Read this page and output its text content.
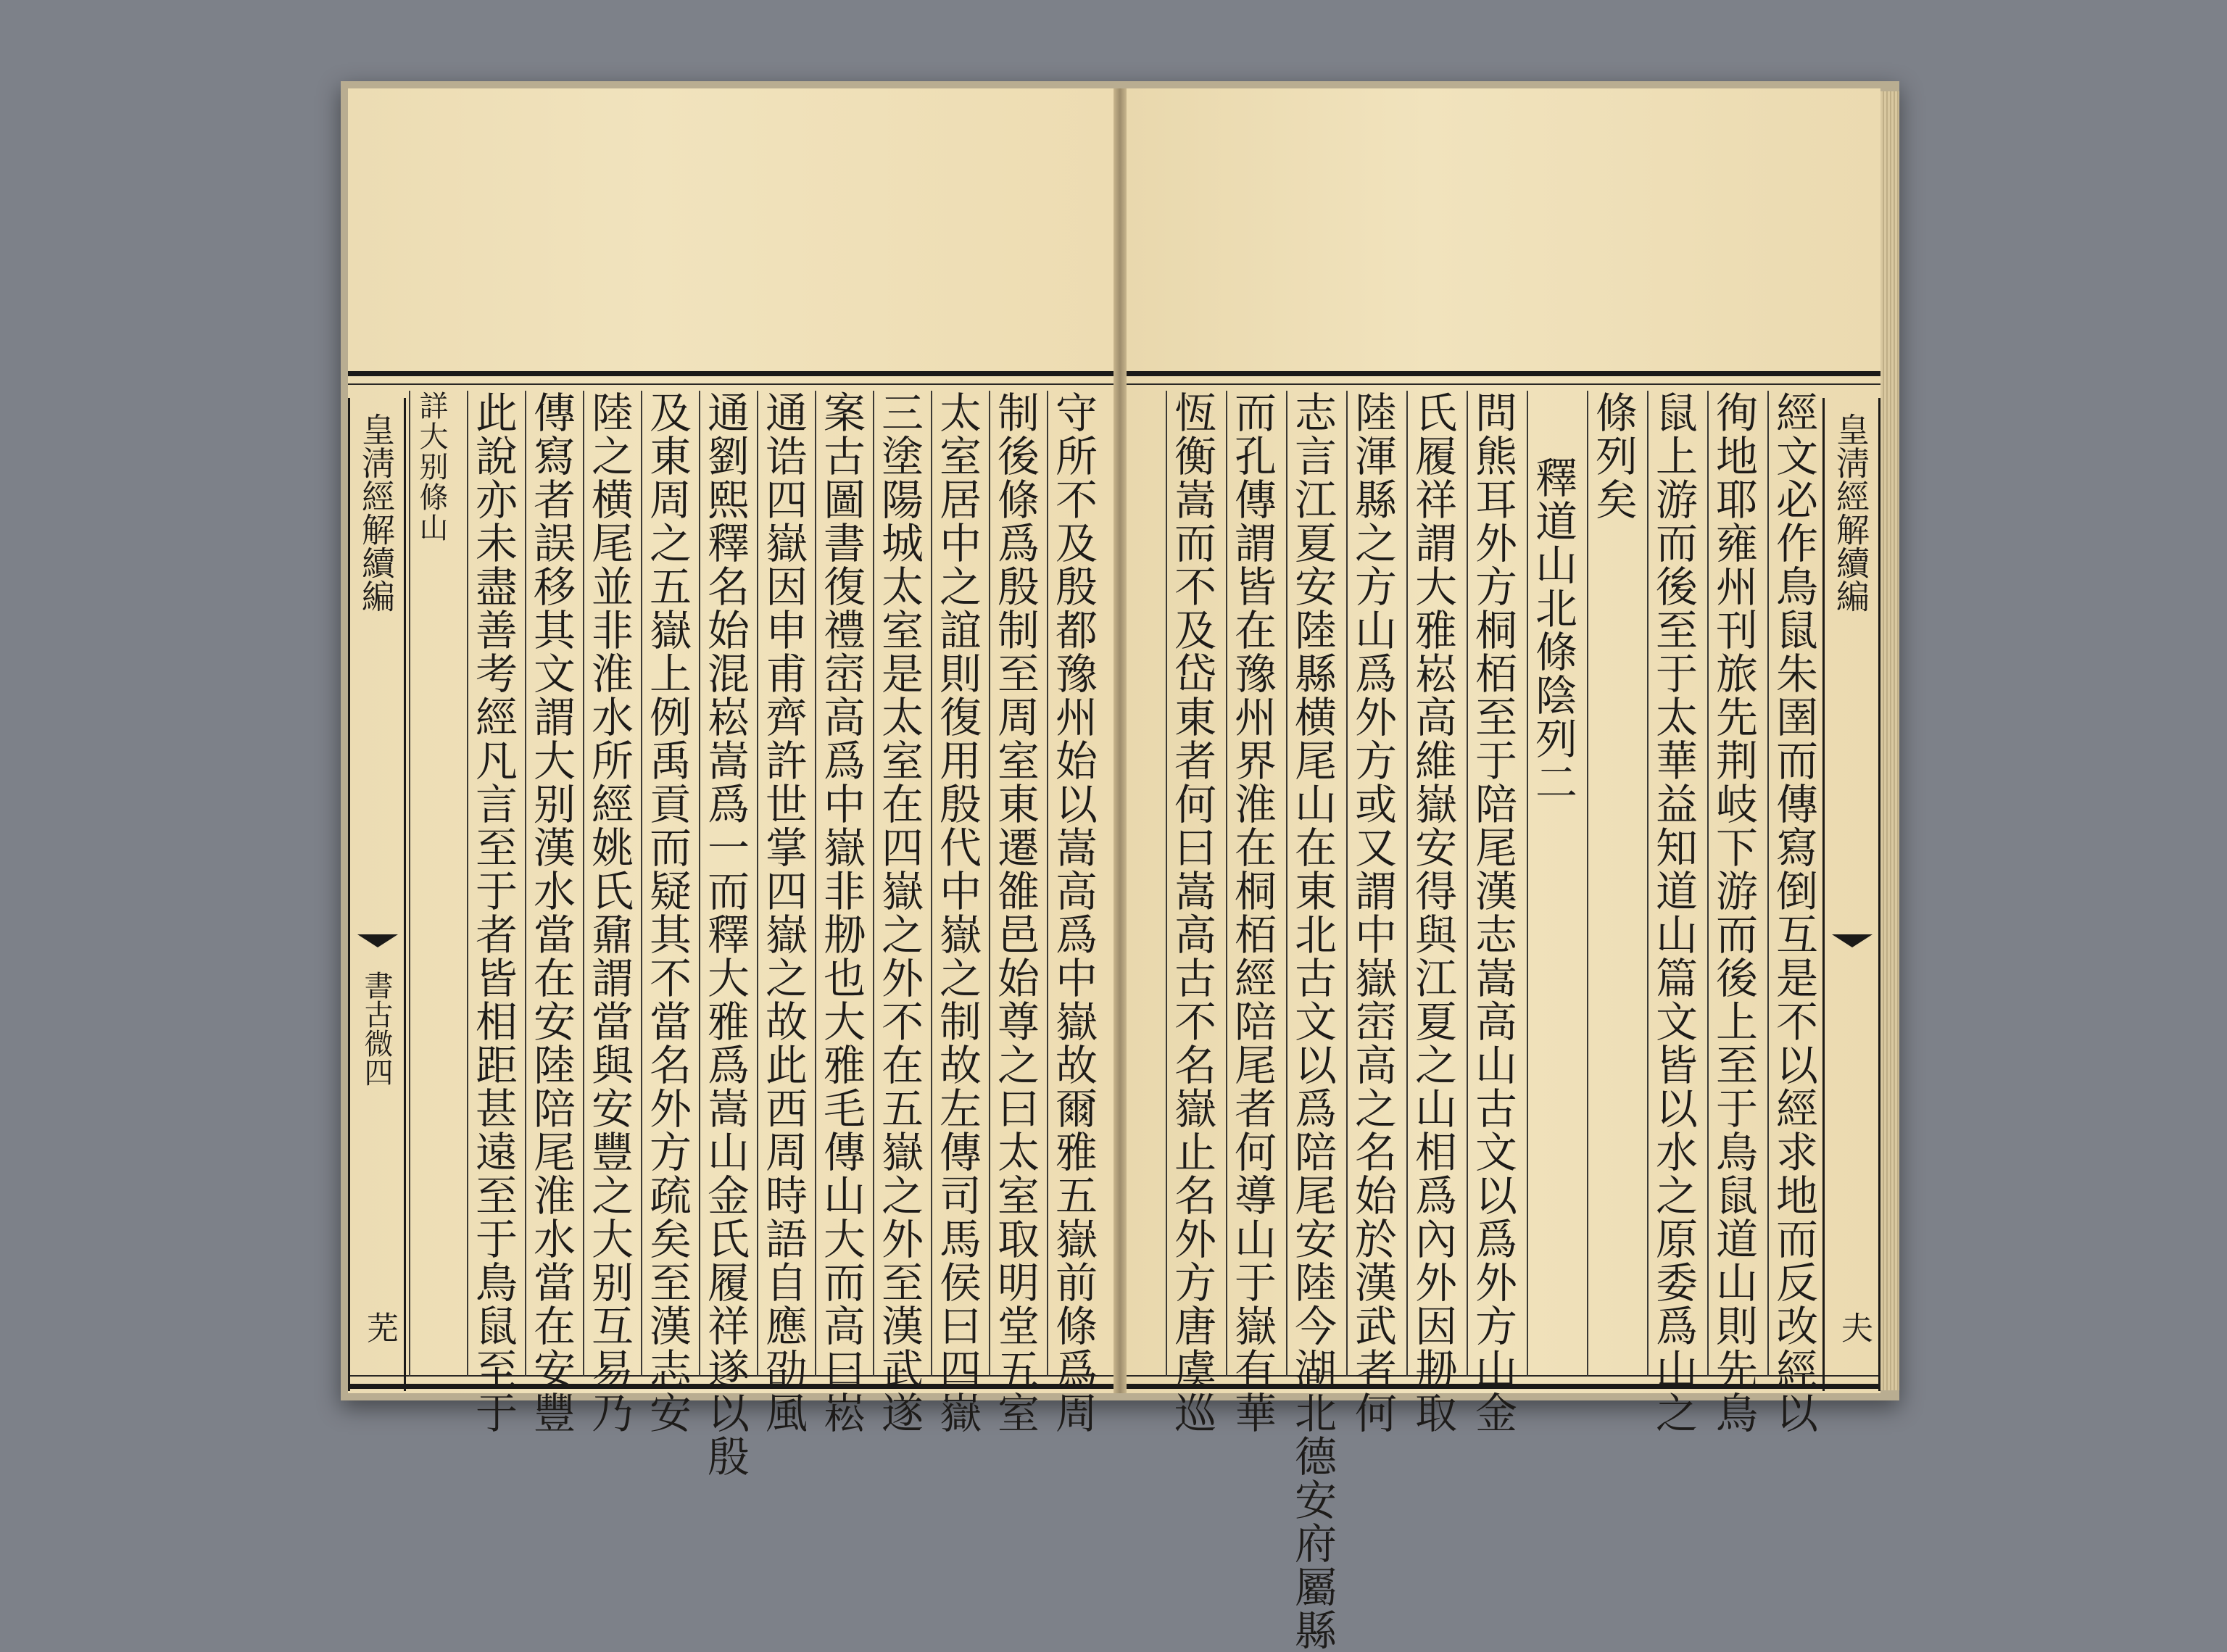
守所不及殷都豫州始以嵩高爲中嶽故爾雅五嶽前條爲周
制後條爲殷制至周室東遷雒邑始尊之曰太室取明堂五室
太室居中之誼則復用殷代中嶽之制故左傳司馬侯曰四嶽
三塗陽城太室是太室在四嶽之外不在五嶽之外至漢武遂
案古圖書復禮崈高爲中嶽非刱也大雅毛傳山大而高曰崧
通诰四嶽因申甫齊許世掌四嶽之故此西周時語自應劭風
通劉熙釋名始混崧嵩爲一而釋大雅爲嵩山金氏履祥遂以殷
及東周之五嶽上例禹貢而疑其不當名外方疏矣至漢志安
陸之横尾並非淮水所經姚氏鼐謂當與安豐之大别互易乃
傳寫者誤移其文謂大别漢水當在安陸陪尾淮水當在安豐
此說亦未盡善考經凡言至于者皆相距甚遠至于鳥鼠至于
詳大别條山
皇淸經解續編
書古微四
芜	經文必作鳥鼠朱圉而傳寫倒互是不以經求地而反改經以
徇地耶雍州刊旅先荆岐下游而後上至于鳥鼠道山則先鳥
鼠上游而後至于太華益知道山篇文皆以水之原委爲山之
條列矣
釋道山北條陰列二
問熊耳外方桐栢至于陪尾漢志嵩高山古文以爲外方山金
氏履祥謂大雅崧高維嶽安得與江夏之山相爲內外因刱取
陸渾縣之方山爲外方或又謂中嶽崈高之名始於漢武者何
志言江夏安陸縣横尾山在東北古文以爲陪尾安陸今湖北德安府屬縣
而孔傳謂皆在豫州界淮在桐栢經陪尾者何導山于嶽有華
恆衡嵩而不及岱東者何曰嵩高古不名嶽止名外方唐虞巡	皇淸經解續編
夫
